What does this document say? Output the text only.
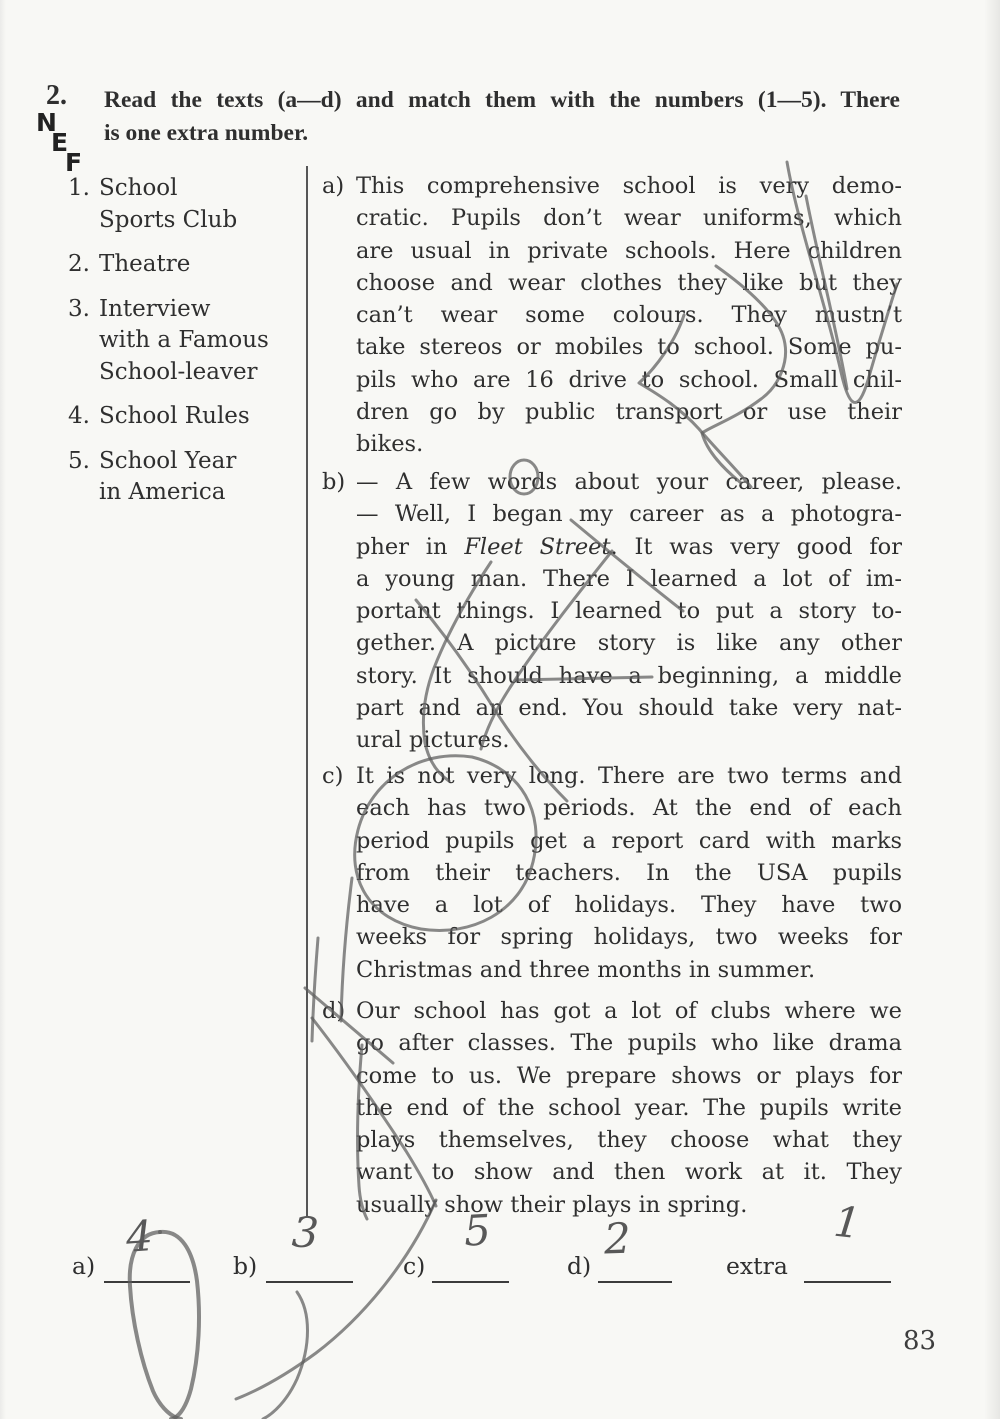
2. Read the texts (a—d) and match them with the numbers (1—5). There
is one extra number.
N
E
F
1. School
Sports Club
2. Theatre
3. Interview
with a Famous
School-leaver
4. School Rules
5. School Year
in America
a) This comprehensive school is very demo-
cratic. Pupils don’t wear uniforms, which
are usual in private schools. Here children
choose and wear clothes they like but they
can’t wear some colours. They mustn’t
take stereos or mobiles to school. Some pu-
pils who are 16 drive to school. Small chil-
dren go by public transport or use their
bikes.
b) — A few words about your career, please.
— Well, I began my career as a photogra-
pher in Fleet Street. It was very good for
a young man. There I learned a lot of im-
portant things. I learned to put a story to-
gether. A picture story is like any other
story. It should have a beginning, a middle
part and an end. You should take very nat-
ural pictures.
c) It is not very long. There are two terms and
each has two periods. At the end of each
period pupils get a report card with marks
from their teachers. In the USA pupils
have a lot of holidays. They have two
weeks for spring holidays, two weeks for
Christmas and three months in summer.
d) Our school has got a lot of clubs where we
go after classes. The pupils who like drama
come to us. We prepare shows or plays for
the end of the school year. The pupils write
plays themselves, they choose what they
want to show and then work at it. They
usually show their plays in spring.
a)
4
b)
3
c)
5
d)
2
extra
1
83
